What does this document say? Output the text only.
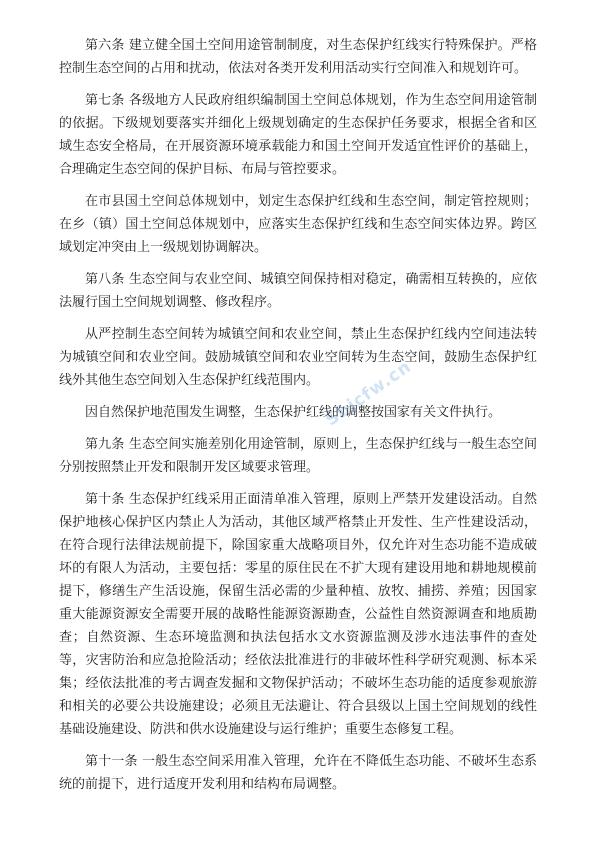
第六条 建立健全国土空间用途管制制度，对生态保护红线实行特殊保护。严格控制生态空间的占用和扰动，依法对各类开发利用活动实行空间准入和规划许可。

第七条 各级地方人民政府组织编制国土空间总体规划，作为生态空间用途管制的依据。下级规划要落实并细化上级规划确定的生态保护任务要求，根据全省和区域生态安全格局，在开展资源环境承载能力和国土空间开发适宜性评价的基础上，合理确定生态空间的保护目标、布局与管控要求。

在市县国土空间总体规划中，划定生态保护红线和生态空间，制定管控规则；在乡（镇）国土空间总体规划中，应落实生态保护红线和生态空间实体边界。跨区域划定冲突由上一级规划协调解决。

第八条 生态空间与农业空间、城镇空间保持相对稳定，确需相互转换的，应依法履行国土空间规划调整、修改程序。

从严控制生态空间转为城镇空间和农业空间，禁止生态保护红线内空间违法转为城镇空间和农业空间。鼓励城镇空间和农业空间转为生态空间，鼓励生态保护红线外其他生态空间划入生态保护红线范围内。

因自然保护地范围发生调整，生态保护红线的调整按国家有关文件执行。

第九条 生态空间实施差别化用途管制，原则上，生态保护红线与一般生态空间分别按照禁止开发和限制开发区域要求管理。

第十条 生态保护红线采用正面清单准入管理，原则上严禁开发建设活动。自然保护地核心保护区内禁止人为活动，其他区域严格禁止开发性、生产性建设活动，在符合现行法律法规前提下，除国家重大战略项目外，仅允许对生态功能不造成破坏的有限人为活动，主要包括：零星的原住民在不扩大现有建设用地和耕地规模前提下，修缮生产生活设施，保留生活必需的少量种植、放牧、捕捞、养殖；因国家重大能源资源安全需要开展的战略性能源资源勘查，公益性自然资源调查和地质勘查；自然资源、生态环境监测和执法包括水文水资源监测及涉水违法事件的查处等，灾害防治和应急抢险活动；经依法批准进行的非破坏性科学研究观测、标本采集；经依法批准的考古调查发掘和文物保护活动；不破坏生态功能的适度参观旅游和相关的必要公共设施建设；必须且无法避让、符合县级以上国土空间规划的线性基础设施建设、防洪和供水设施建设与运行维护；重要生态修复工程。

第十一条 一般生态空间采用准入管理，允许在不降低生态功能、不破坏生态系统的前提下，进行适度开发利用和结构布局调整。

Sbjcfw.cn
